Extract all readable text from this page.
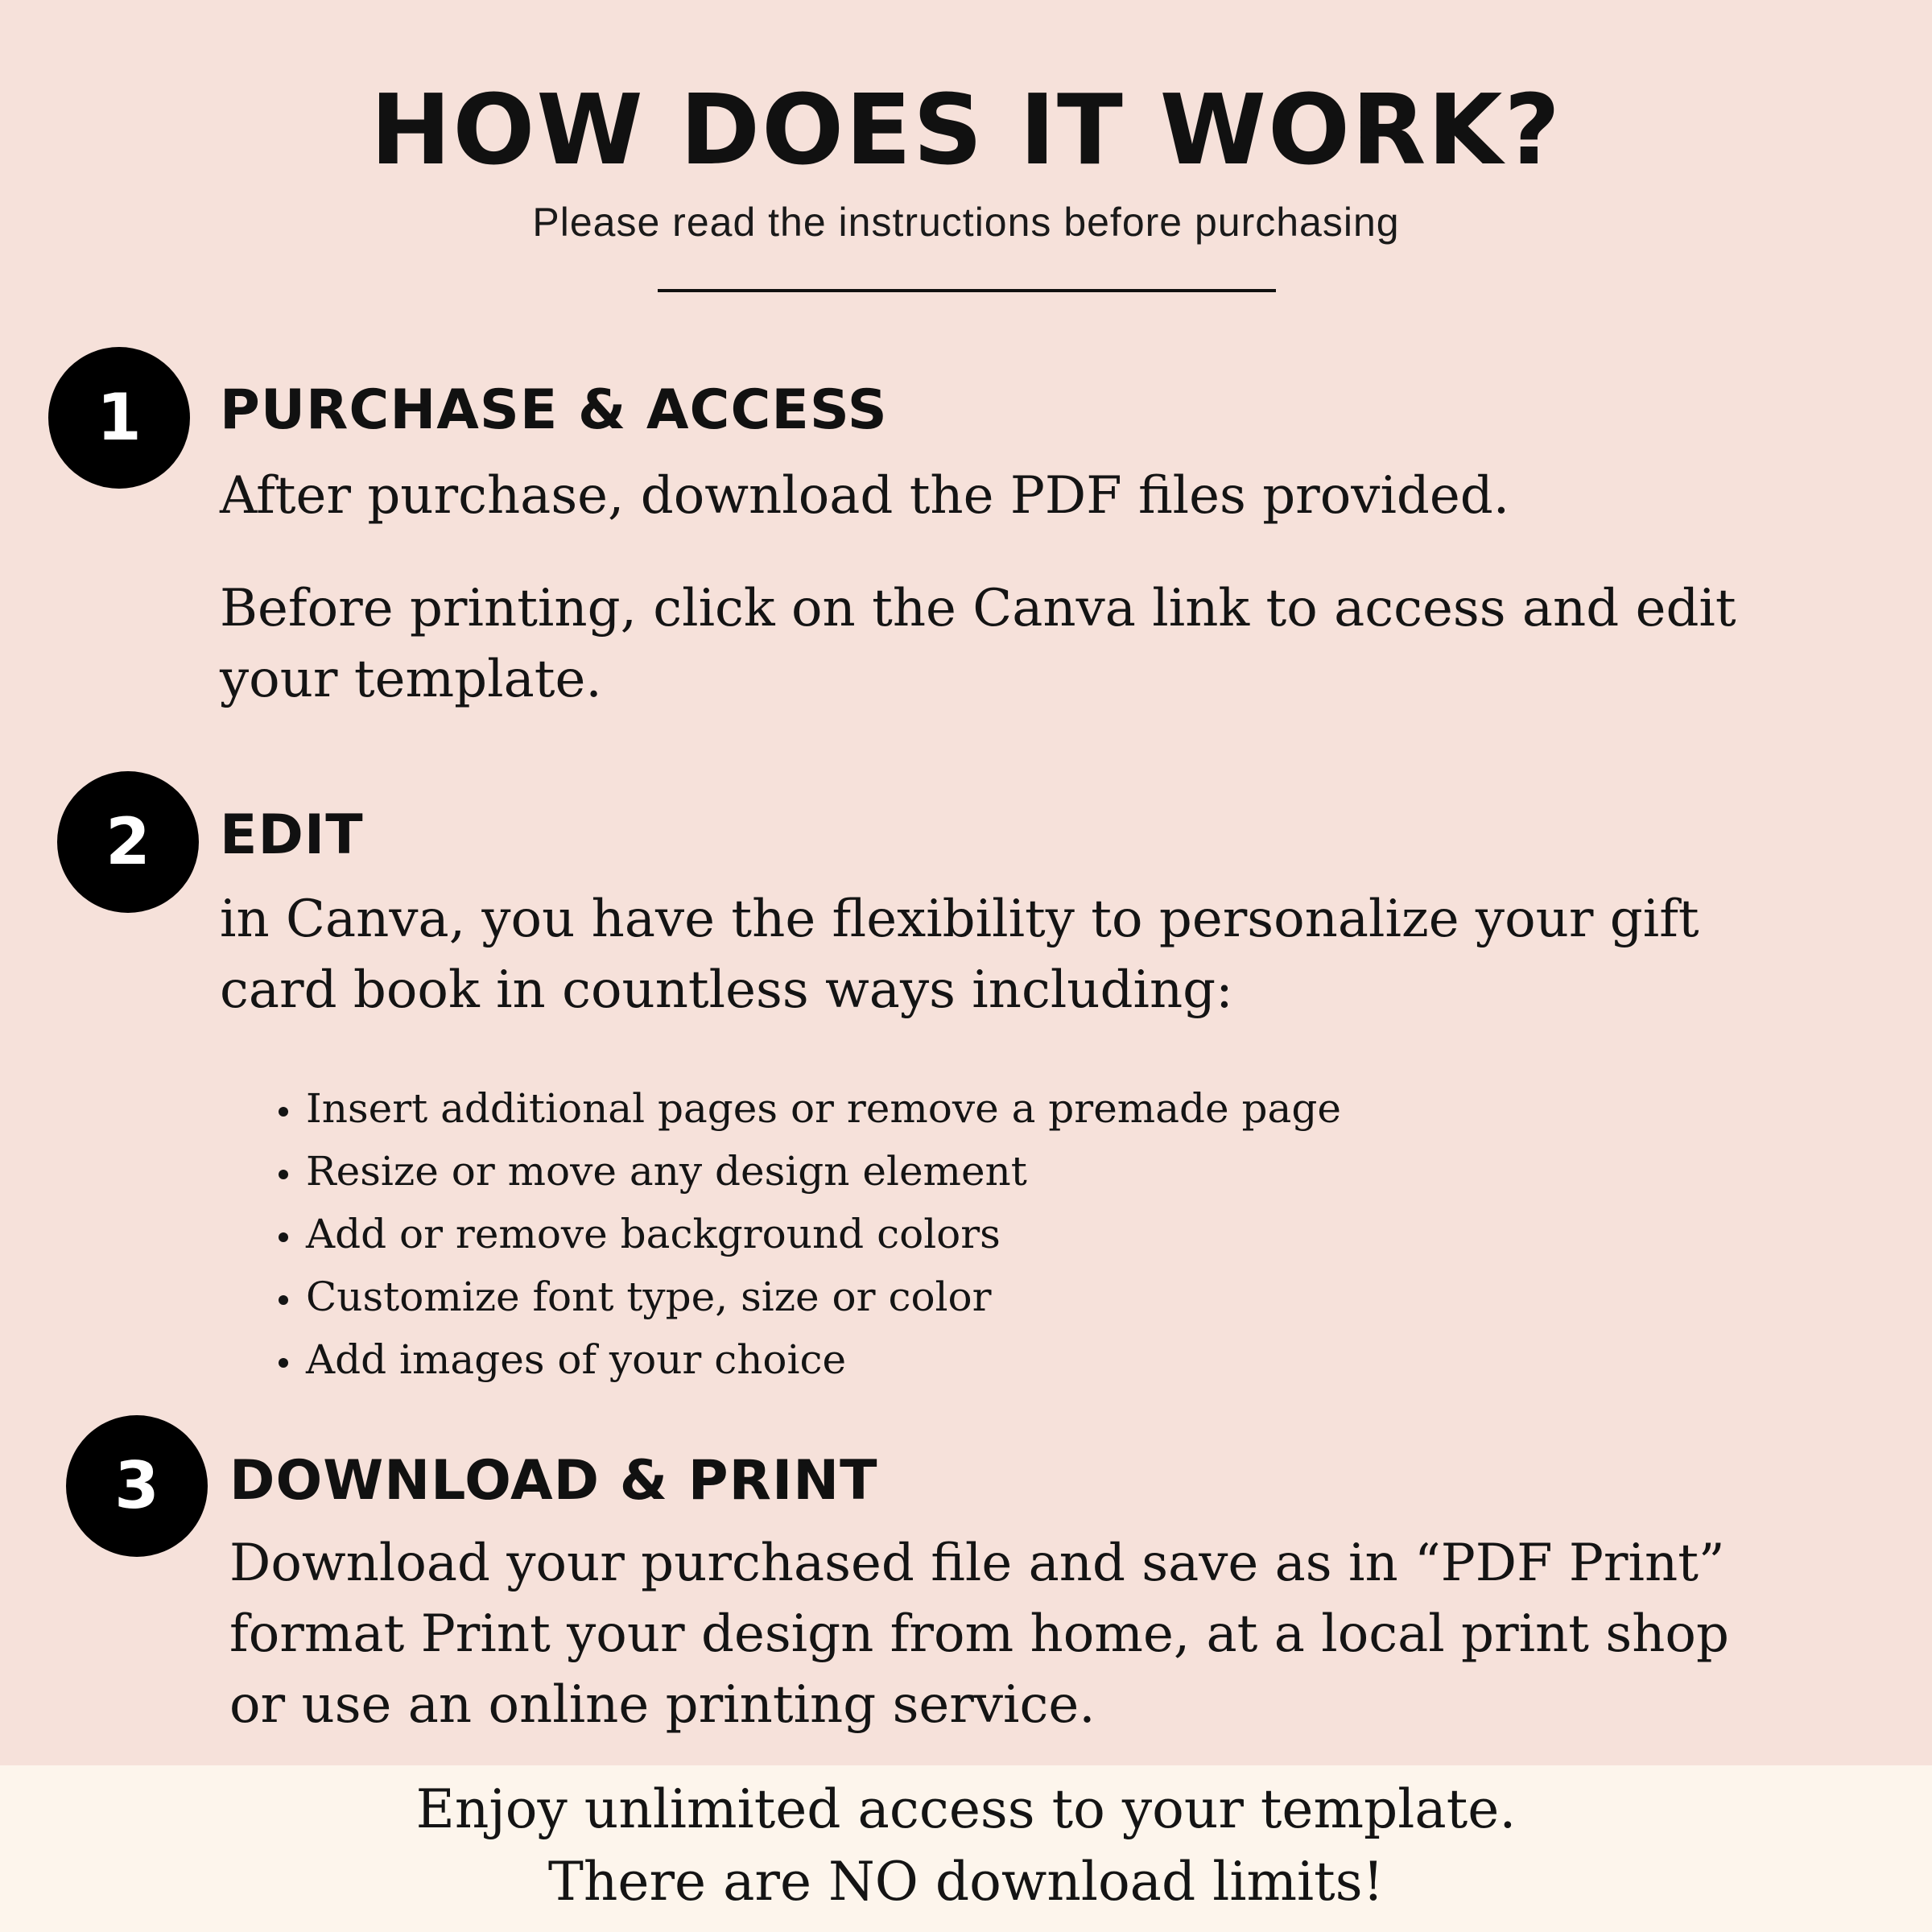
HOW DOES IT WORK?
Please read the instructions before purchasing
1	PURCHASE & ACCESS
After purchase, download the PDF files provided.
Before printing, click on the Canva link to access and edit your template.
2	EDIT
in Canva, you have the flexibility to personalize your gift card book in countless ways including:
Insert additional pages or remove a premade page
Resize or move any design element
Add or remove background colors
Customize font type, size or color
Add images of your choice
3	DOWNLOAD & PRINT
Download your purchased file and save as in “PDF Print” format Print your design from home, at a local print shop or use an online printing service.
Enjoy unlimited access to your template.
There are NO download limits!
